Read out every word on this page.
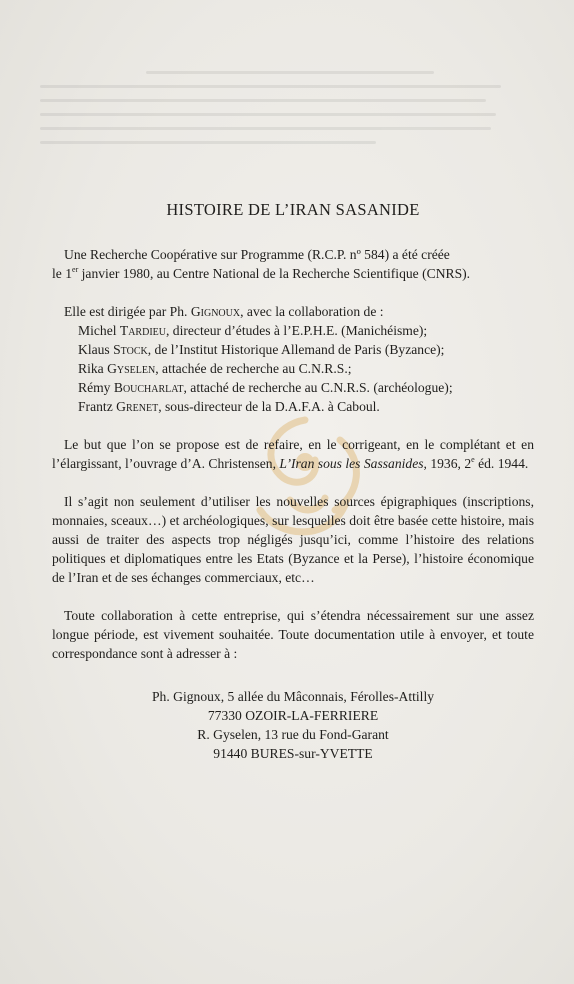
HISTOIRE DE L’IRAN SASANIDE

Une Recherche Coopérative sur Programme (R.C.P. nº 584) a été créée

le 1er janvier 1980, au Centre National de la Recherche Scientifique (CNRS).

Elle est dirigée par Ph. Gignoux, avec la collaboration de :

Michel Tardieu, directeur d’études à l’E.P.H.E. (Manichéisme);
Klaus Stock, de l’Institut Historique Allemand de Paris (Byzance);
Rika Gyselen, attachée de recherche au C.N.R.S.;
Rémy Boucharlat, attaché de recherche au C.N.R.S. (archéologue);
Frantz Grenet, sous-directeur de la D.A.F.A. à Caboul.

Le but que l’on se propose est de refaire, en le corrigeant, en le complétant et en l’élargissant, l’ouvrage d’A. Christensen, L’Iran sous les Sassanides, 1936, 2e éd. 1944.

Il s’agit non seulement d’utiliser les nouvelles sources épigraphiques (inscriptions, monnaies, sceaux…) et archéologiques, sur lesquelles doit être basée cette histoire, mais aussi de traiter des aspects trop négligés jusqu’ici, comme l’histoire des relations politiques et diplomatiques entre les Etats (Byzance et la Perse), l’histoire économique de l’Iran et de ses échanges commerciaux, etc…

Toute collaboration à cette entreprise, qui s’étendra nécessairement sur une assez longue période, est vivement souhaitée. Toute documentation utile à envoyer, et toute correspondance sont à adresser à :

Ph. Gignoux, 5 allée du Mâconnais, Férolles-Attilly
77330 OZOIR-LA-FERRIERE
R. Gyselen, 13 rue du Fond-Garant
91440 BURES-sur-YVETTE
